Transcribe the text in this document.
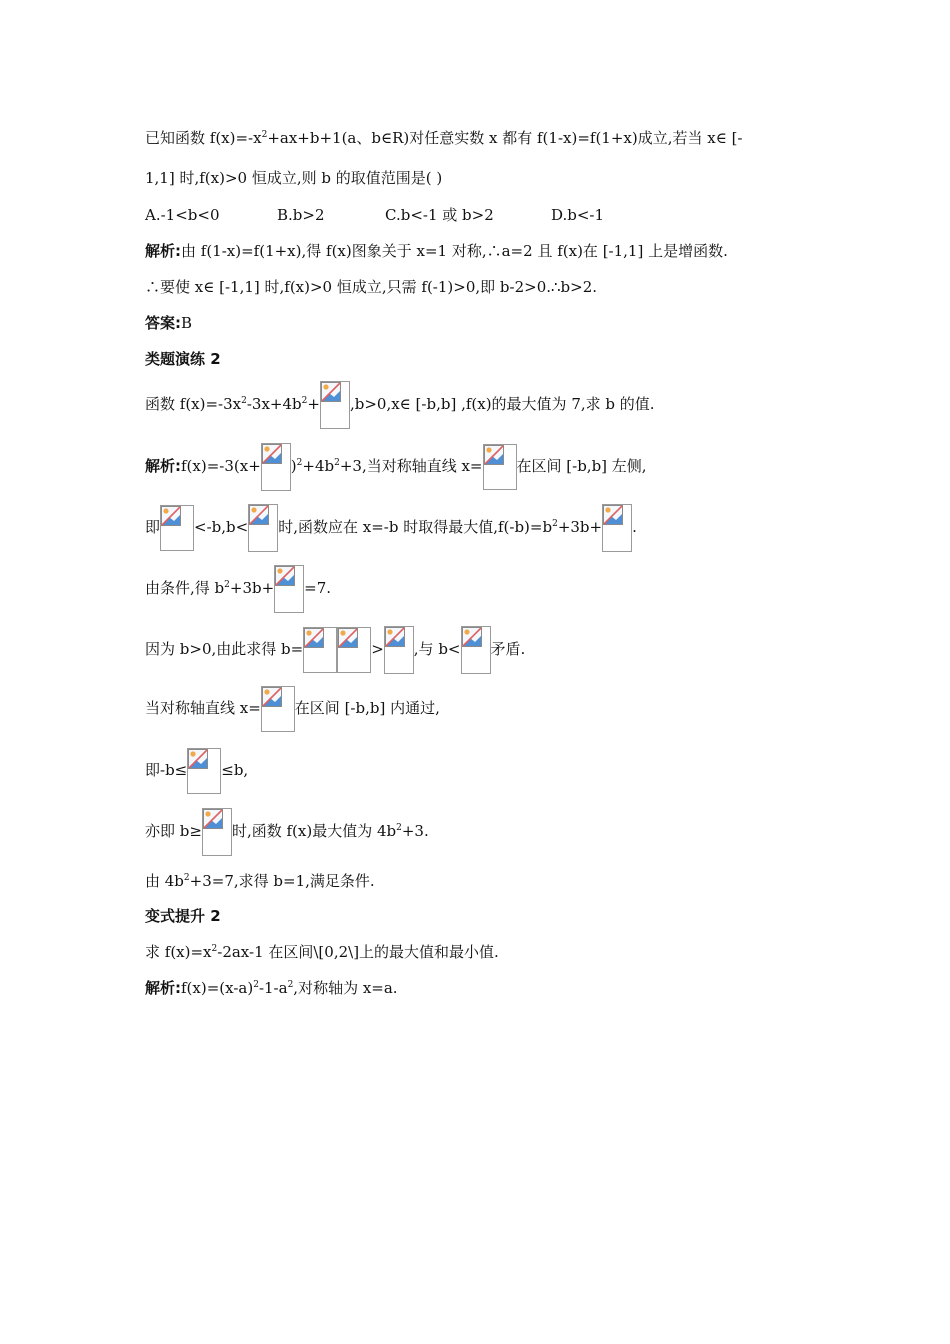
已知函数 $f(x)=-x^2+ax+b+1(a$、b∈R)对任意实数 x 都有 f(1-x)=f(1+x)成立,若当 x∈ [-
1,1] 时,f(x)>0 恒成立,则 b 的取值范围是( )
A.-1<b<0	B.b>2	C.b<-1 或 b>2	D.b<-1
解析:由 f(1-x)=f(1+x),得 f(x)图象关于 x=1 对称,∴a=2 且 f(x)在 [-1,1] 上是增函数.
∴要使 x∈ [-1,1] 时,f(x)>0 恒成立,只需 f(-1)>0,即 b-2>0.∴b>2.
答案:B
类题演练 2
函数 $f(x)=-3x^2-3x+4b^2+$ ,b>0,x∈ [-b,b] ,f(x)的最大值为 7,求 b 的值.
解析:f(x)=-3(x+ )$^2+4b^2+3$,当对称轴直线 x= 在区间 [-b,b] 左侧,
即 <-b,b< 时,函数应在 x=-b 时取得最大值$,f(-b)=b^2+3b+$ .
由条件,得 $b^2+3b+ =7$.
因为 b>0,由此求得 b=	> ,与 b< 矛盾.
当对称轴直线 x= 在区间 [-b,b] 内通过,
即-b≤ ≤b,
亦即 b≥ 时,函数 f(x)最大值为 $4b^2+3$.
由 $4b^2+3=7$,求得 b=1,满足条件.
变式提升 2
求 $f(x)=x^2-2ax-1$ 在区间\[0,2\]上的最大值和最小值.
解析$:f(x)=(x-a)^2-1-a^2$,对称轴为 x=a.
